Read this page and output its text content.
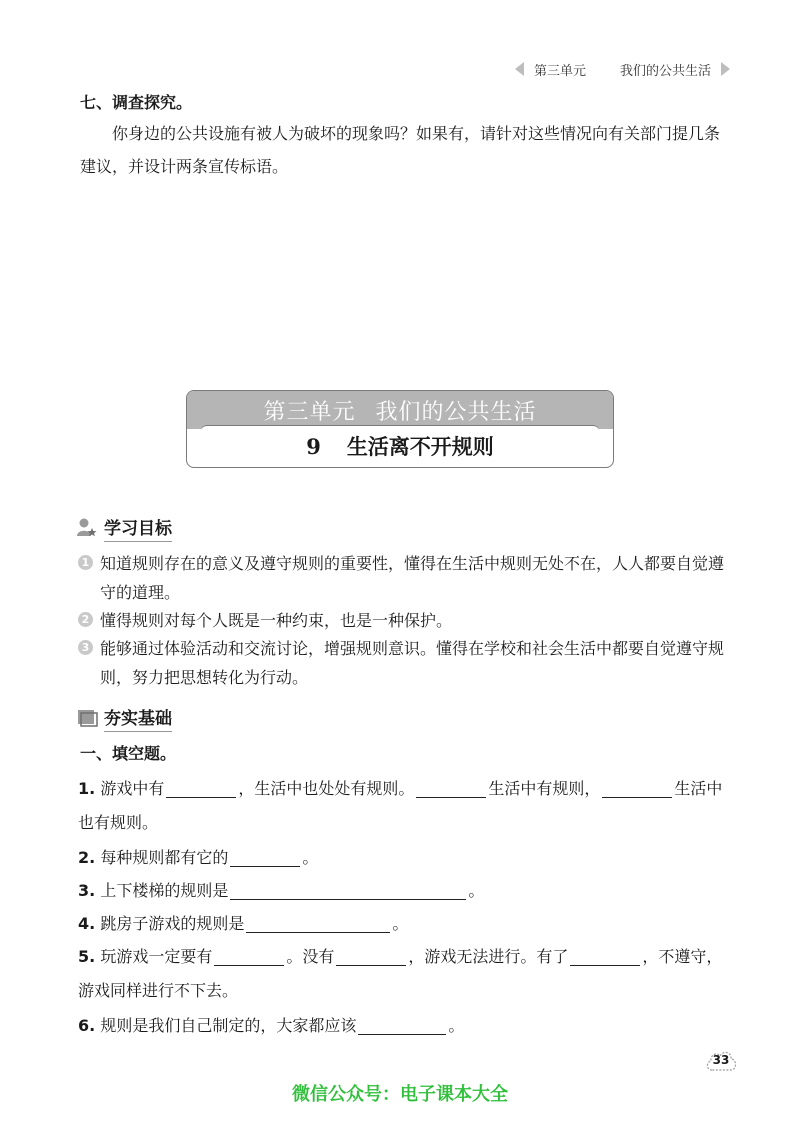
第三单元	我们的公共生活
七、调查探究。
你身边的公共设施有被人为破坏的现象吗？如果有，请针对这些情况向有关部门提几条建议，并设计两条宣传标语。
第三单元 我们的公共生活
9 生活离不开规则
学习目标
1 知道规则存在的意义及遵守规则的重要性，懂得在生活中规则无处不在，人人都要自觉遵守的道理。
2 懂得规则对每个人既是一种约束，也是一种保护。
3 能够通过体验活动和交流讨论，增强规则意识。懂得在学校和社会生活中都要自觉遵守规则，努力把思想转化为行动。
夯实基础
一、填空题。
1. 游戏中有	，生活中也处处有规则。	生活中有规则，	生活中也有规则。
2. 每种规则都有它的	。
3. 上下楼梯的规则是	。
4. 跳房子游戏的规则是	。
5. 玩游戏一定要有	。没有	，游戏无法进行。有了	，不遵守，游戏同样进行不下去。
6. 规则是我们自己制定的，大家都应该	。
33
微信公众号：电子课本大全
